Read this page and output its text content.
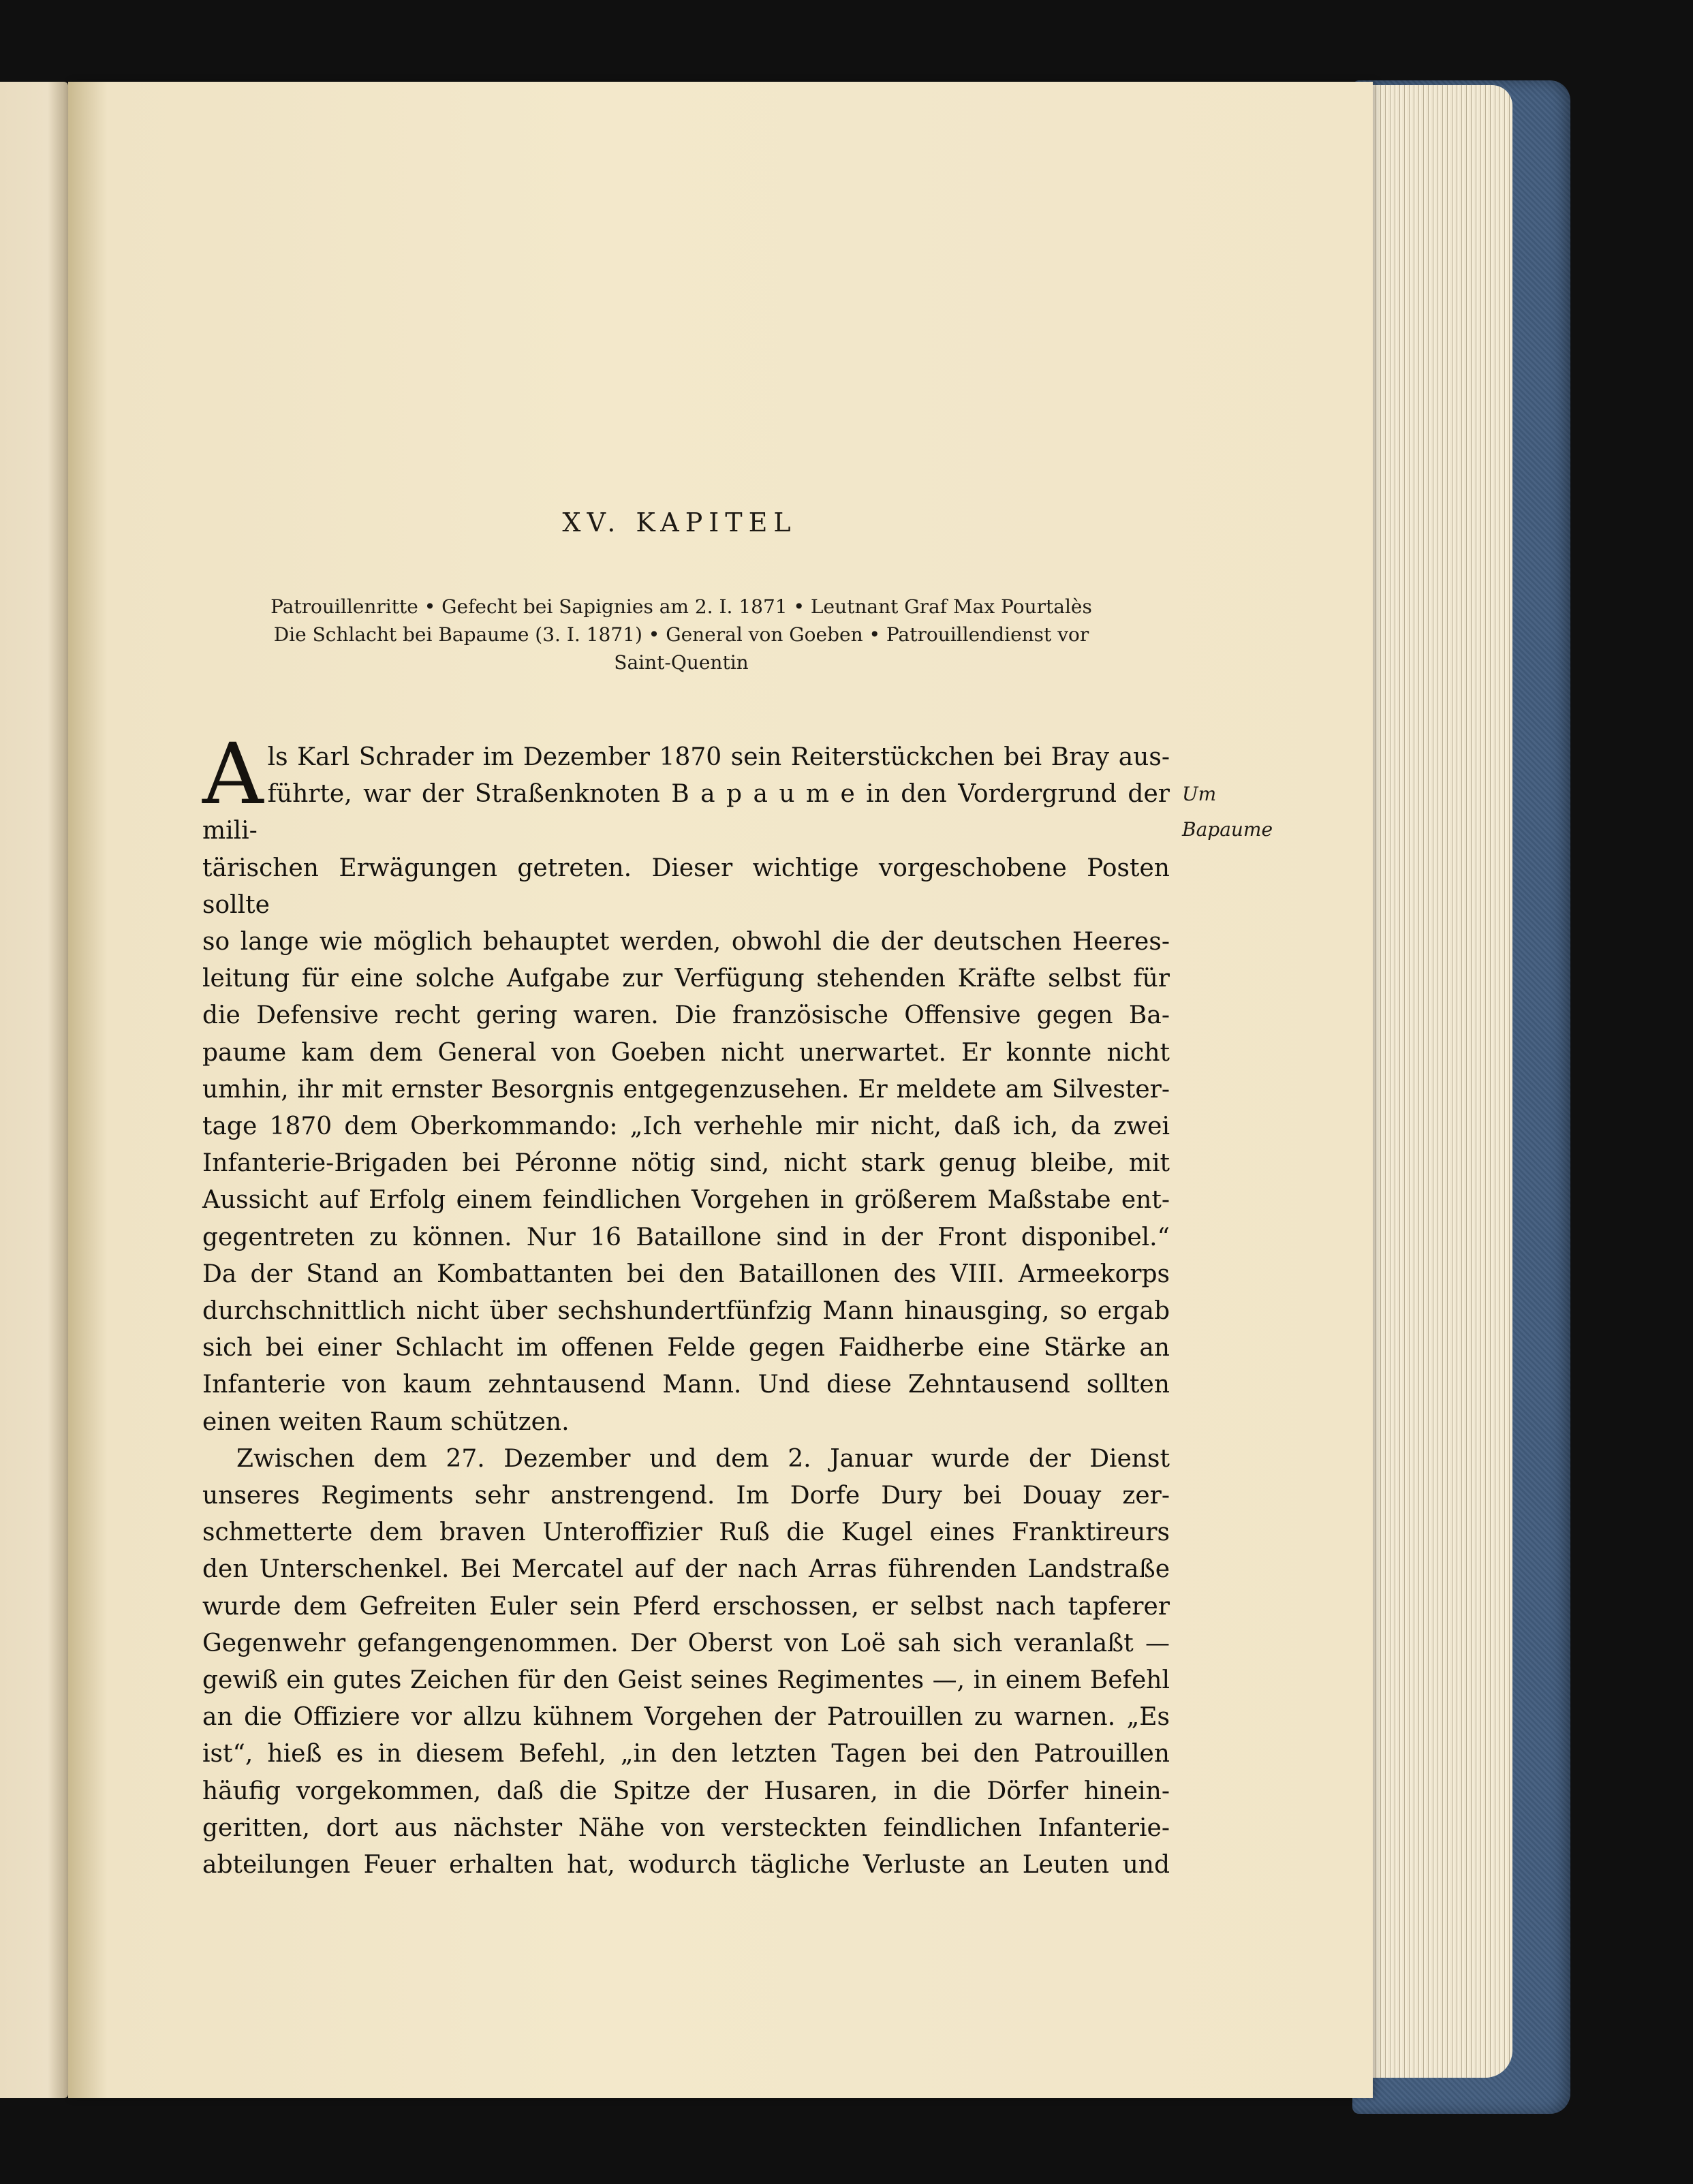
XV. KAPITEL
Patrouillenritte • Gefecht bei Sapignies am 2. I. 1871 • Leutnant Graf Max Pourtalès
Die Schlacht bei Bapaume (3. I. 1871) • General von Goeben • Patrouillendienst vor
Saint-Quentin
Um
Bapaume
A ls Karl Schrader im Dezember 1870 sein Reiterstückchen bei Bray aus-
führte, war der Straßenknoten B a p a u m e in den Vordergrund der mili-
tärischen Erwägungen getreten. Dieser wichtige vorgeschobene Posten sollte
so lange wie möglich behauptet werden, obwohl die der deutschen Heeres-
leitung für eine solche Aufgabe zur Verfügung stehenden Kräfte selbst für
die Defensive recht gering waren. Die französische Offensive gegen Ba-
paume kam dem General von Goeben nicht unerwartet. Er konnte nicht
umhin, ihr mit ernster Besorgnis entgegenzusehen. Er meldete am Silvester-
tage 1870 dem Oberkommando: „Ich verhehle mir nicht, daß ich, da zwei
Infanterie-Brigaden bei Péronne nötig sind, nicht stark genug bleibe, mit
Aussicht auf Erfolg einem feindlichen Vorgehen in größerem Maßstabe ent-
gegentreten zu können. Nur 16 Bataillone sind in der Front disponibel.“
Da der Stand an Kombattanten bei den Bataillonen des VIII. Armeekorps
durchschnittlich nicht über sechshundertfünfzig Mann hinausging, so ergab
sich bei einer Schlacht im offenen Felde gegen Faidherbe eine Stärke an
Infanterie von kaum zehntausend Mann. Und diese Zehntausend sollten
einen weiten Raum schützen.
Zwischen dem 27. Dezember und dem 2. Januar wurde der Dienst
unseres Regiments sehr anstrengend. Im Dorfe Dury bei Douay zer-
schmetterte dem braven Unteroffizier Ruß die Kugel eines Franktireurs
den Unterschenkel. Bei Mercatel auf der nach Arras führenden Landstraße
wurde dem Gefreiten Euler sein Pferd erschossen, er selbst nach tapferer
Gegenwehr gefangengenommen. Der Oberst von Loë sah sich veranlaßt —
gewiß ein gutes Zeichen für den Geist seines Regimentes —, in einem Befehl
an die Offiziere vor allzu kühnem Vorgehen der Patrouillen zu warnen. „Es
ist“, hieß es in diesem Befehl, „in den letzten Tagen bei den Patrouillen
häufig vorgekommen, daß die Spitze der Husaren, in die Dörfer hinein-
geritten, dort aus nächster Nähe von versteckten feindlichen Infanterie-
abteilungen Feuer erhalten hat, wodurch tägliche Verluste an Leuten und
